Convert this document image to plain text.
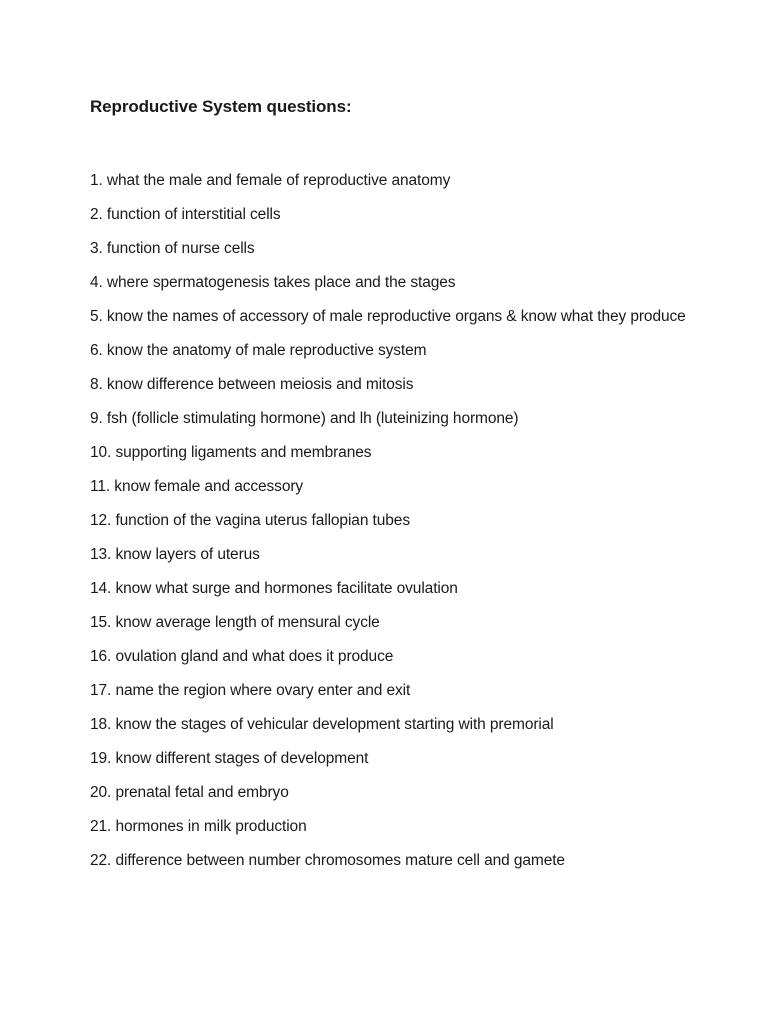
Reproductive System questions:
1. what the male and female of reproductive anatomy
2. function of interstitial cells
3. function of nurse cells
4. where spermatogenesis takes place and the stages
5. know the names of accessory of male reproductive organs & know what they produce
6. know the anatomy of male reproductive system
8. know difference between meiosis and mitosis
9. fsh (follicle stimulating hormone) and lh (luteinizing hormone)
10. supporting ligaments and membranes
11. know female and accessory
12. function of the vagina uterus fallopian tubes
13. know layers of uterus
14. know what surge and hormones facilitate ovulation
15. know average length of mensural cycle
16. ovulation gland and what does it produce
17. name the region where ovary enter and exit
18. know the stages of vehicular development starting with premorial
19. know different stages of development
20. prenatal fetal and embryo
21. hormones in milk production
22. difference between number chromosomes mature cell and gamete
